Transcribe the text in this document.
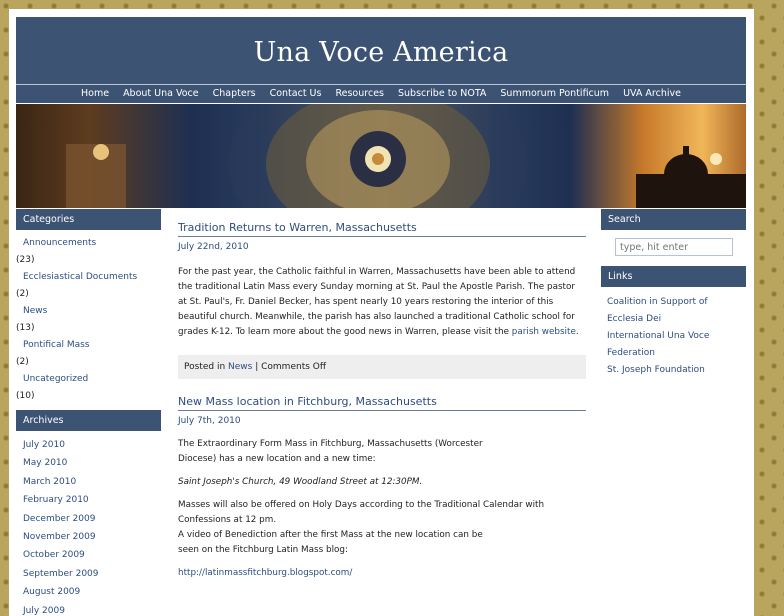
Una Voce America
Home About Una Voce Chapters Contact Us Resources Subscribe to NOTA Summorum Pontificum UVA Archive
Categories
Announcements
(23)
Ecclesiastical Documents
(2)
News
(13)
Pontifical Mass
(2)
Uncategorized
(10)
Archives
July 2010
May 2010
March 2010
February 2010
December 2009
November 2009
October 2009
September 2009
August 2009
July 2009
Tradition Returns to Warren, Massachusetts
July 22nd, 2010
For the past year, the Catholic faithful in Warren, Massachusetts have been able to attend the traditional Latin Mass every Sunday morning at St. Paul the Apostle Parish. The pastor at St. Paul's, Fr. Daniel Becker, has spent nearly 10 years restoring the interior of this beautiful church. Meanwhile, the parish has also launched a traditional Catholic school for grades K-12. To learn more about the good news in Warren, please visit the parish website.
Posted in News | Comments Off
New Mass location in Fitchburg, Massachusetts
July 7th, 2010
The Extraordinary Form Mass in Fitchburg, Massachusetts (Worcester
Diocese) has a new location and a new time:
Saint Joseph's Church, 49 Woodland Street at 12:30PM.
Masses will also be offered on Holy Days according to the Traditional Calendar with
Confessions at 12 pm.
A video of Benediction after the first Mass at the new location can be
seen on the Fitchburg Latin Mass blog:
http://latinmassfitchburg.blogspot.com/
Search
type, hit enter
Links
Coalition in Support of Ecclesia Dei
International Una Voce Federation
St. Joseph Foundation
